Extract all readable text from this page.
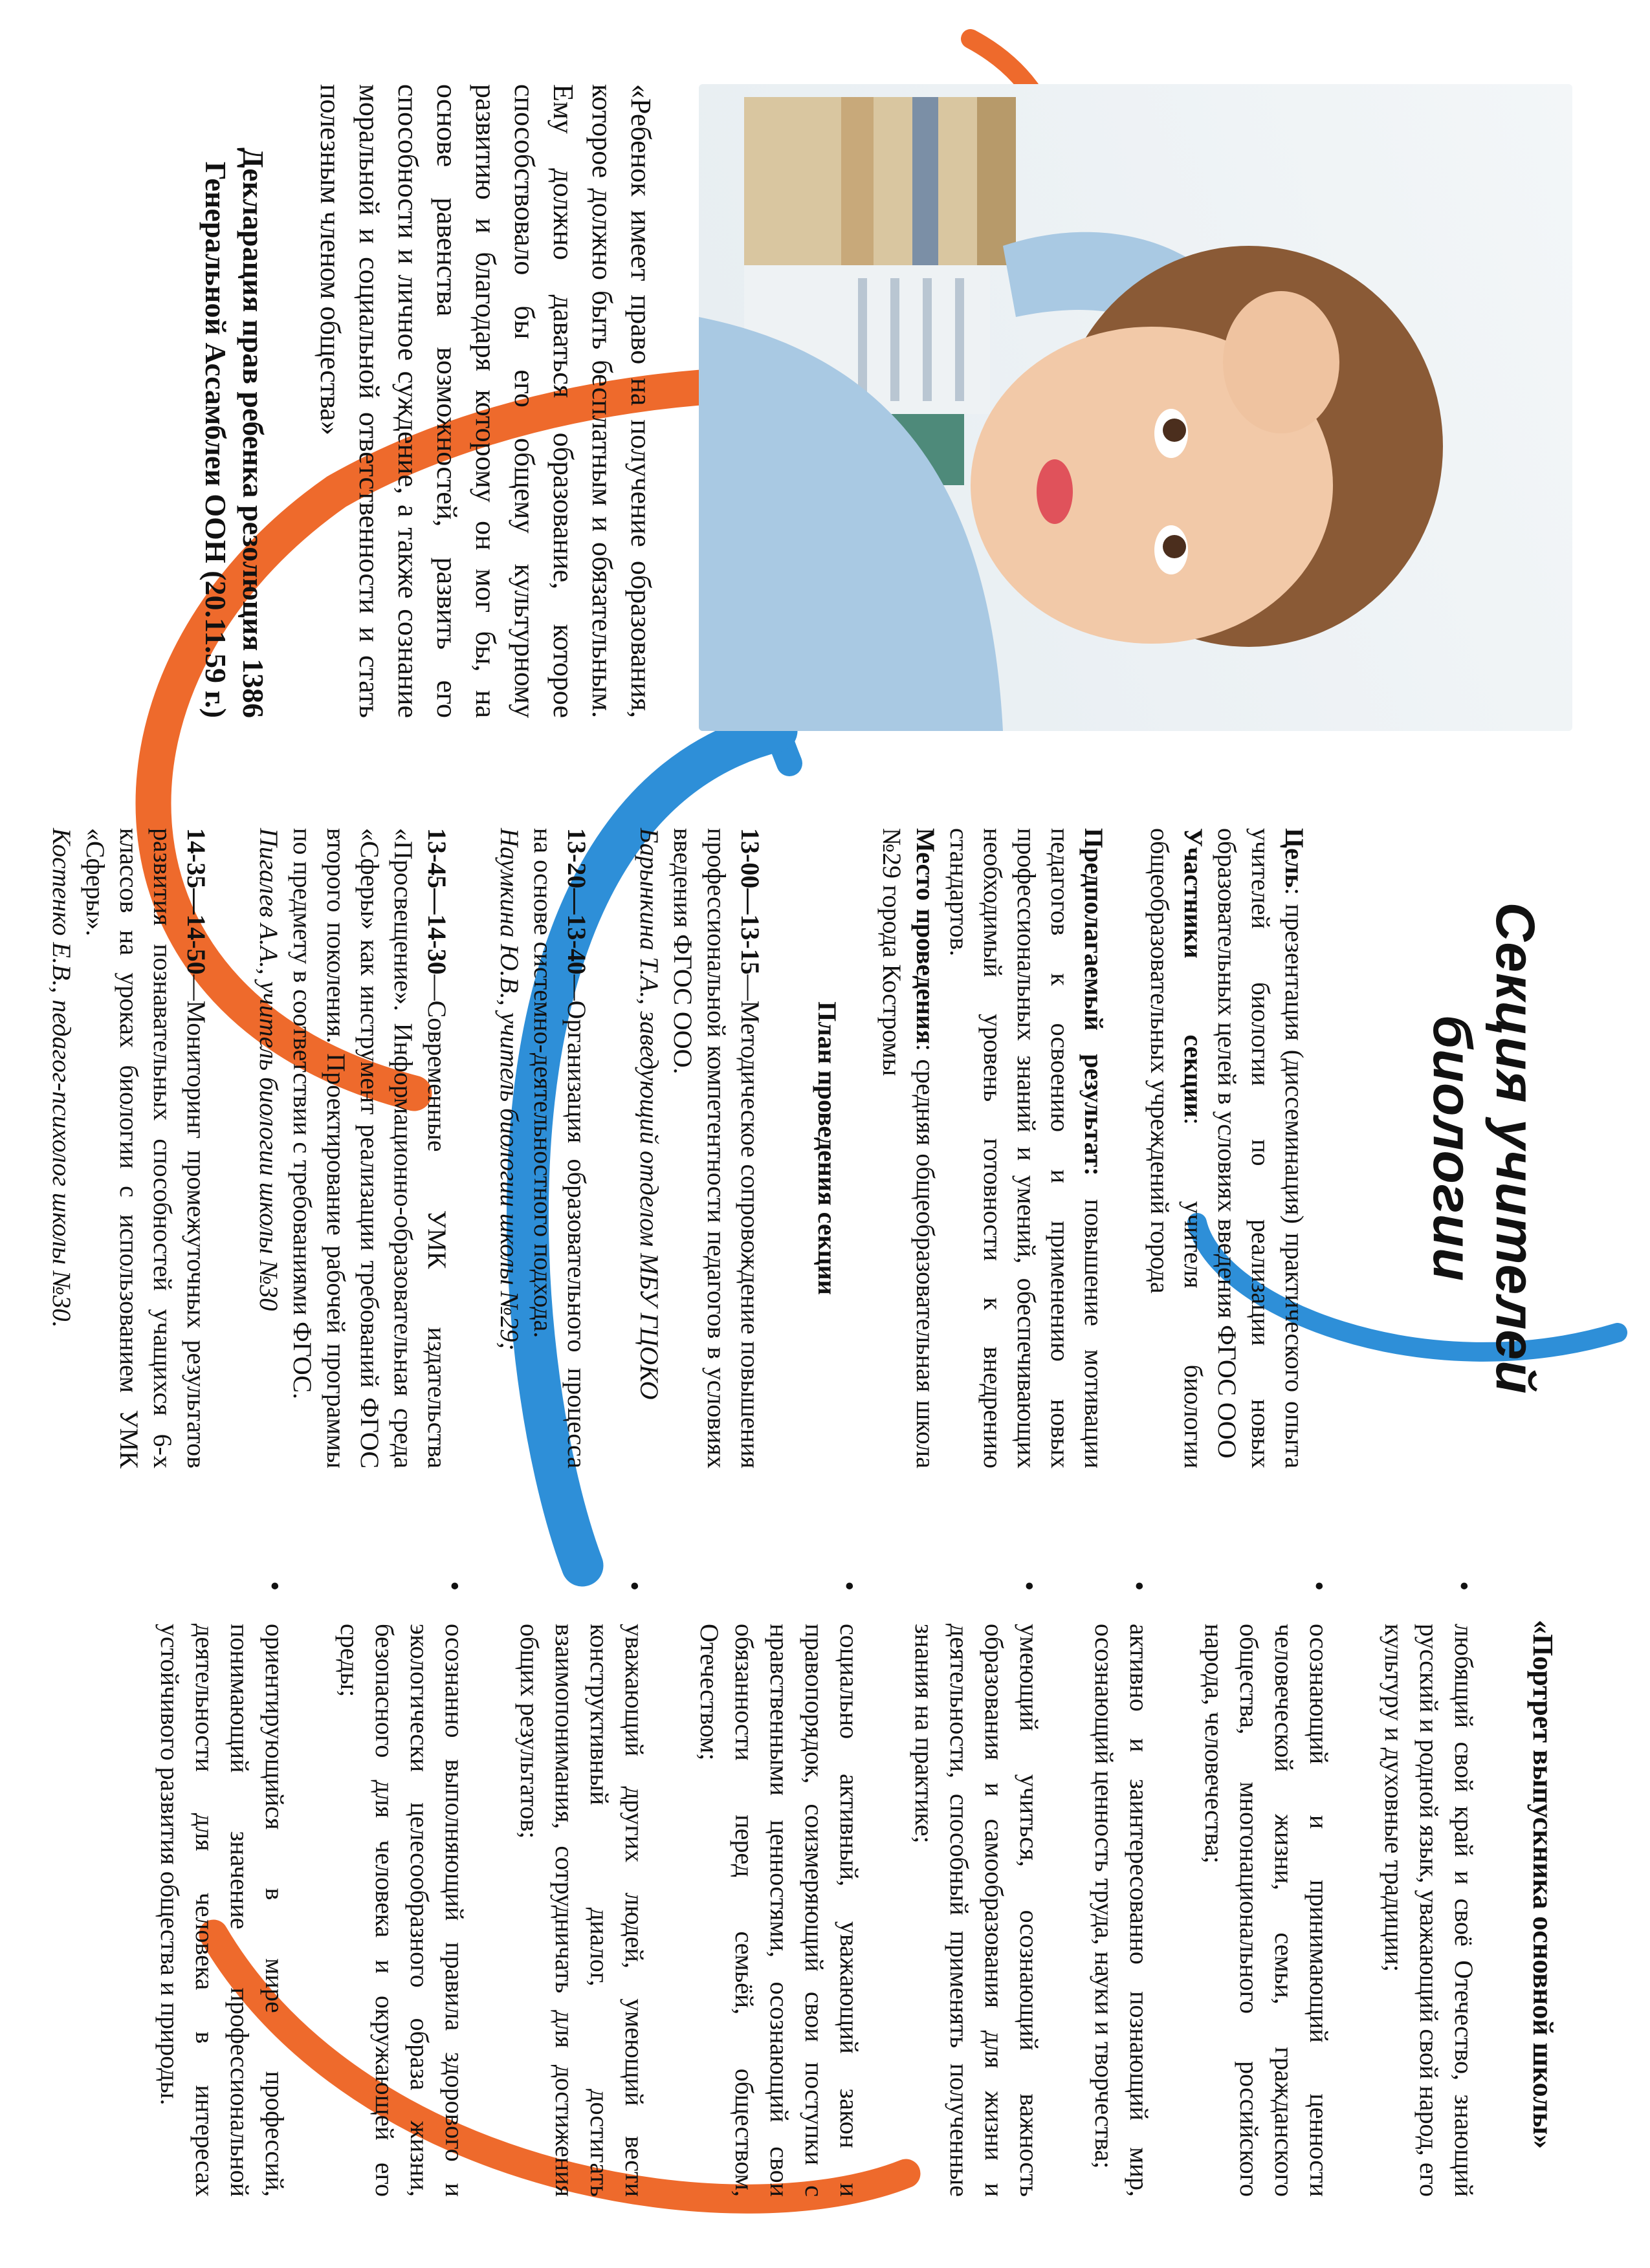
«Ребенок имеет право на получение образования, которое должно быть бесплатным и обязательным. Ему должно даваться образование, которое способствовало бы его общему культурному развитию и благодаря которому он мог бы, на основе равенства возможностей, развить его способности и личное суждение, а также сознание моральной и социальной ответственности и стать полезным членом общества»
Декларация прав ребенка резолюция 1386 Генеральной Ассамблеи ООН (20.11.59 г.)
Секция учителей биологии

Цель: презентация (диссеминация) практического опыта учителей биологии по реализации новых образовательных целей в условиях введения ФГОС ООО
Участники секции: учителя биологии общеобразовательных учреждений города

Предполагаемый результат: повышение мотивации педагогов к освоению и применению новых профессиональных знаний и умений, обеспечивающих необходимый уровень готовности к внедрению стандартов.
Место проведения: средняя общеобразовательная школа №29 города Костромы

План проведения секции
13-00—13-15—Методическое сопровождение повышения профессиональной компетентности педагогов в условиях введения ФГОС ООО.
Барынкина Т.А., заведующий отделом МБУ ГЦОКО
13-20—13-40—Организация образовательного процесса на основе системно-деятельностного подхода.
Наумкина Ю.В., учитель биологии школы №29;
13-45—14-30—Современные УМК издательства «Просвещение». Информационно-образовательная среда «Сферы» как инструмент реализации требований ФГОС второго поколения. Проектирование рабочей программы по предмету в соответствии с требованиями ФГОС.
Пигалев А.А., учитель биологии школы №30
14-35—14-50—Мониторинг промежуточных результатов развития познавательных способностей учащихся 6-х классов на уроках биологии с использованием УМК «Сферы».
Костенко Е.В., педагог-психолог школы №30.
«Портрет выпускника основной школы»
• любящий свой край и своё Отечество, знающий русский и родной язык, уважающий свой народ, его культуру и духовные традиции;
• осознающий и принимающий ценности человеческой жизни, семьи, гражданского общества, многонационального российского народа, человечества;
• активно и заинтересованно познающий мир, осознающий ценность труда, науки и творчества;
• умеющий учиться, осознающий важность образования и самообразования для жизни и деятельности, способный применять полученные знания на практике;
• социально активный, уважающий закон и правопорядок, соизмеряющий свои поступки с нравственными ценностями, осознающий свои обязанности перед семьёй, обществом, Отечеством;
• уважающий других людей, умеющий вести конструктивный диалог, достигать взаимопонимания, сотрудничать для достижения общих результатов;
• осознанно выполняющий правила здорового и экологически целесообразного образа жизни, безопасного для человека и окружающей его среды;
• ориентирующийся в мире профессий, понимающий значение профессиональной деятельности для человека в интересах устойчивого развития общества и природы.
